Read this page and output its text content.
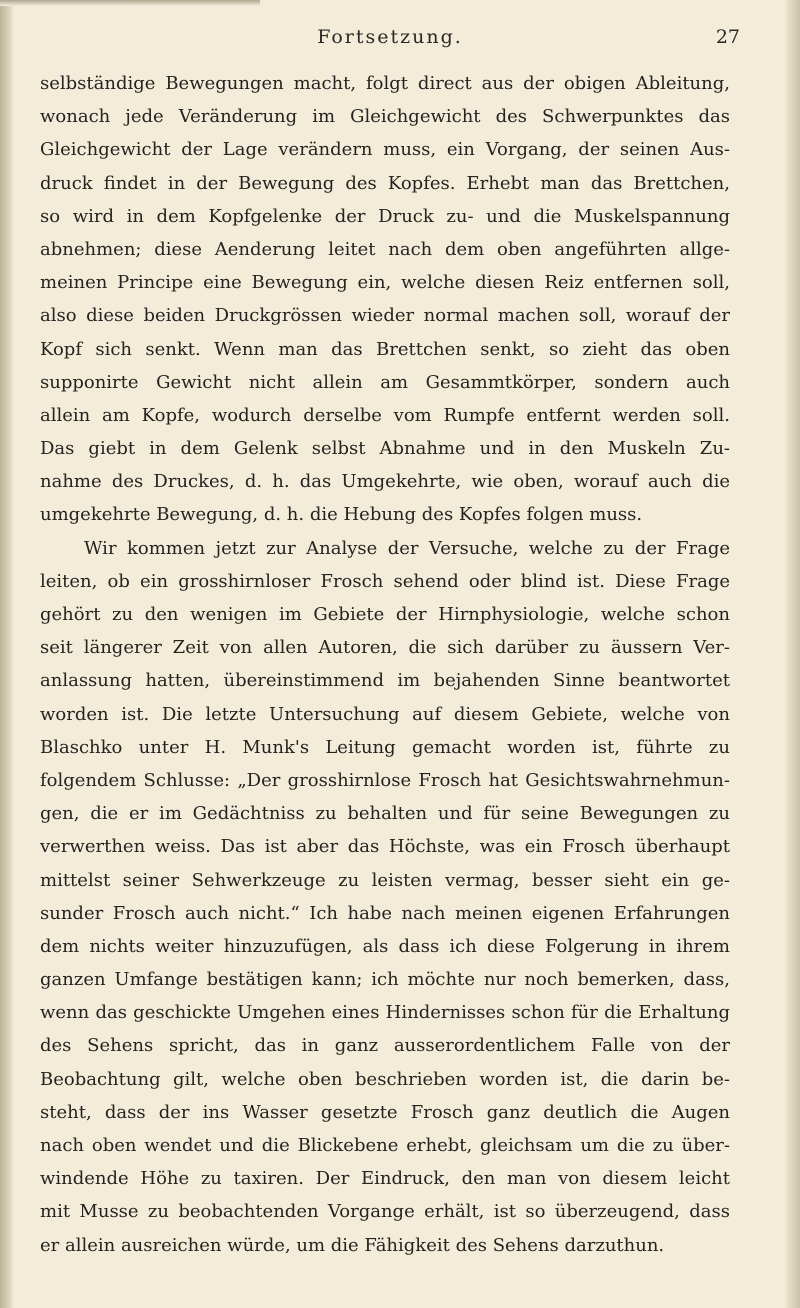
Fortsetzung.	27
selbständige Bewegungen macht, folgt direct aus der obigen Ableitung,
wonach jede Veränderung im Gleichgewicht des Schwerpunktes das
Gleichgewicht der Lage verändern muss, ein Vorgang, der seinen Aus-
druck findet in der Bewegung des Kopfes. Erhebt man das Brettchen,
so wird in dem Kopfgelenke der Druck zu- und die Muskelspannung
abnehmen; diese Aenderung leitet nach dem oben angeführten allge-
meinen Principe eine Bewegung ein, welche diesen Reiz entfernen soll,
also diese beiden Druckgrössen wieder normal machen soll, worauf der
Kopf sich senkt. Wenn man das Brettchen senkt, so zieht das oben
supponirte Gewicht nicht allein am Gesammtkörper, sondern auch
allein am Kopfe, wodurch derselbe vom Rumpfe entfernt werden soll.
Das giebt in dem Gelenk selbst Abnahme und in den Muskeln Zu-
nahme des Druckes, d. h. das Umgekehrte, wie oben, worauf auch die
umgekehrte Bewegung, d. h. die Hebung des Kopfes folgen muss.
Wir kommen jetzt zur Analyse der Versuche, welche zu der Frage
leiten, ob ein grosshirnloser Frosch sehend oder blind ist. Diese Frage
gehört zu den wenigen im Gebiete der Hirnphysiologie, welche schon
seit längerer Zeit von allen Autoren, die sich darüber zu äussern Ver-
anlassung hatten, übereinstimmend im bejahenden Sinne beantwortet
worden ist. Die letzte Untersuchung auf diesem Gebiete, welche von
Blaschko unter H. Munk's Leitung gemacht worden ist, führte zu
folgendem Schlusse: „Der grosshirnlose Frosch hat Gesichtswahrnehmun-
gen, die er im Gedächtniss zu behalten und für seine Bewegungen zu
verwerthen weiss. Das ist aber das Höchste, was ein Frosch überhaupt
mittelst seiner Sehwerkzeuge zu leisten vermag, besser sieht ein ge-
sunder Frosch auch nicht.“ Ich habe nach meinen eigenen Erfahrungen
dem nichts weiter hinzuzufügen, als dass ich diese Folgerung in ihrem
ganzen Umfange bestätigen kann; ich möchte nur noch bemerken, dass,
wenn das geschickte Umgehen eines Hindernisses schon für die Erhaltung
des Sehens spricht, das in ganz ausserordentlichem Falle von der
Beobachtung gilt, welche oben beschrieben worden ist, die darin be-
steht, dass der ins Wasser gesetzte Frosch ganz deutlich die Augen
nach oben wendet und die Blickebene erhebt, gleichsam um die zu über-
windende Höhe zu taxiren. Der Eindruck, den man von diesem leicht
mit Musse zu beobachtenden Vorgange erhält, ist so überzeugend, dass
er allein ausreichen würde, um die Fähigkeit des Sehens darzuthun.
